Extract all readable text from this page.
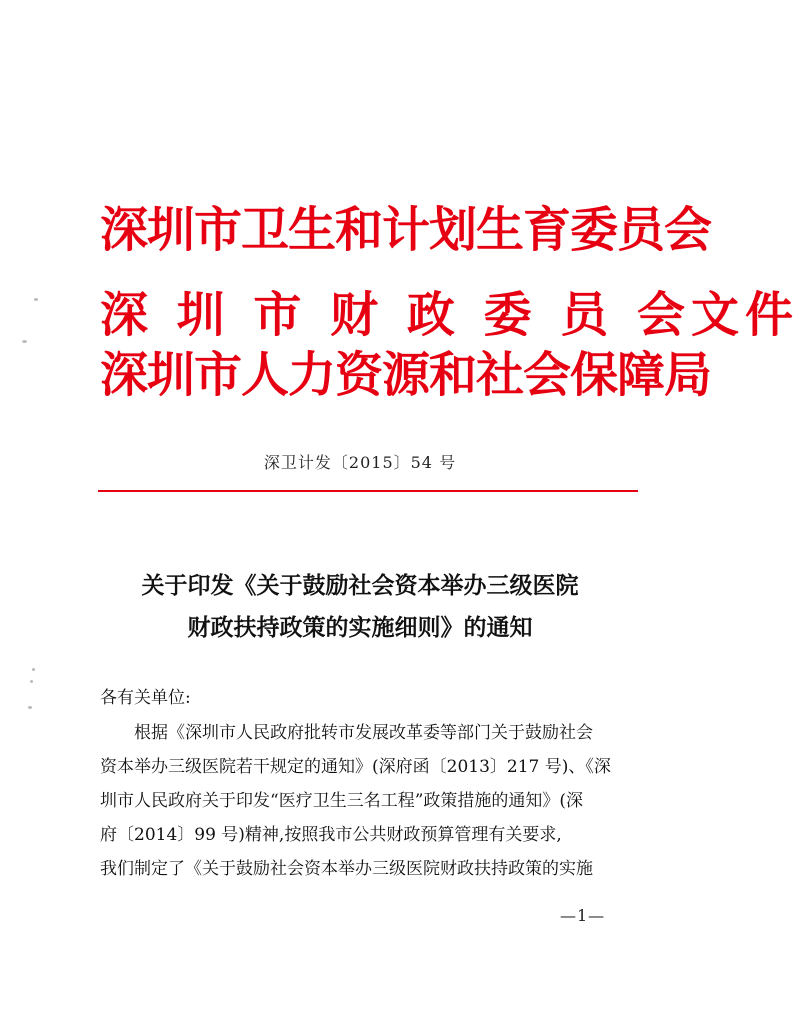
深圳市卫生和计划生育委员会
深 圳 市 财 政 委 员 会文件
深圳市人力资源和社会保障局
深卫计发〔2015〕54 号
关于印发《关于鼓励社会资本举办三级医院
财政扶持政策的实施细则》的通知
各有关单位:
根据《深圳市人民政府批转市发展改革委等部门关于鼓励社会
资本举办三级医院若干规定的通知》(深府函〔2013〕217 号)、《深
圳市人民政府关于印发“医疗卫生三名工程”政策措施的通知》(深
府〔2014〕99 号)精神,按照我市公共财政预算管理有关要求,
我们制定了《关于鼓励社会资本举办三级医院财政扶持政策的实施
—1—
